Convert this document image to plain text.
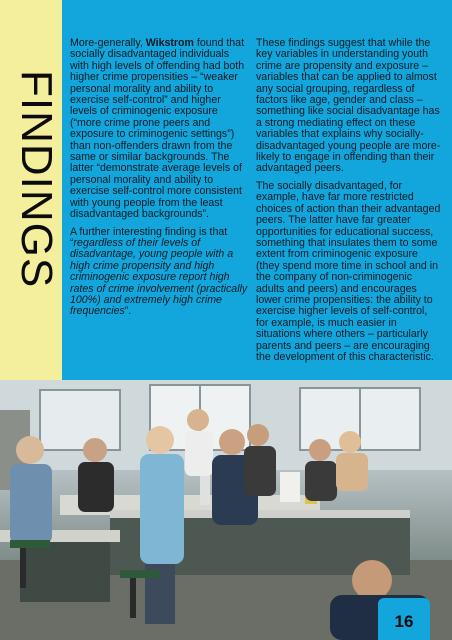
FINDINGS

More-generally, Wikstrom found that socially disadvantaged individuals with high levels of offending had both higher crime propensities – “weaker personal morality and ability to exercise self-control” and higher levels of criminogenic exposure (“more crime prone peers and exposure to criminogenic settings”) than non-offenders drawn from the same or similar backgrounds. The latter “demonstrate average levels of personal morality and ability to exercise self-control more consistent with young people from the least disadvantaged backgrounds”.

A further interesting finding is that “regardless of their levels of disadvantage, young people with a high crime propensity and high criminogenic exposure report high rates of crime involvement (practically 100%) and extremely high crime frequencies”.

These findings suggest that while the key variables in understanding youth crime are propensity and exposure – variables that can be applied to almost any social grouping, regardless of factors like age, gender and class – something like social disadvantage has a strong mediating effect on these variables that explains why socially-disadvantaged young people are more-likely to engage in offending than their advantaged peers.

The socially disadvantaged, for example, have far more restricted choices of action than their advantaged peers. The latter have far greater opportunities for educational success, something that insulates them to some extent from criminogenic exposure (they spend more time in school and in the company of non-criminogenic adults and peers) and encourages lower crime propensities: the ability to exercise higher levels of self-control, for example, is much easier in situations where others – particularly parents and peers – are encouraging the development of this characteristic.

16
